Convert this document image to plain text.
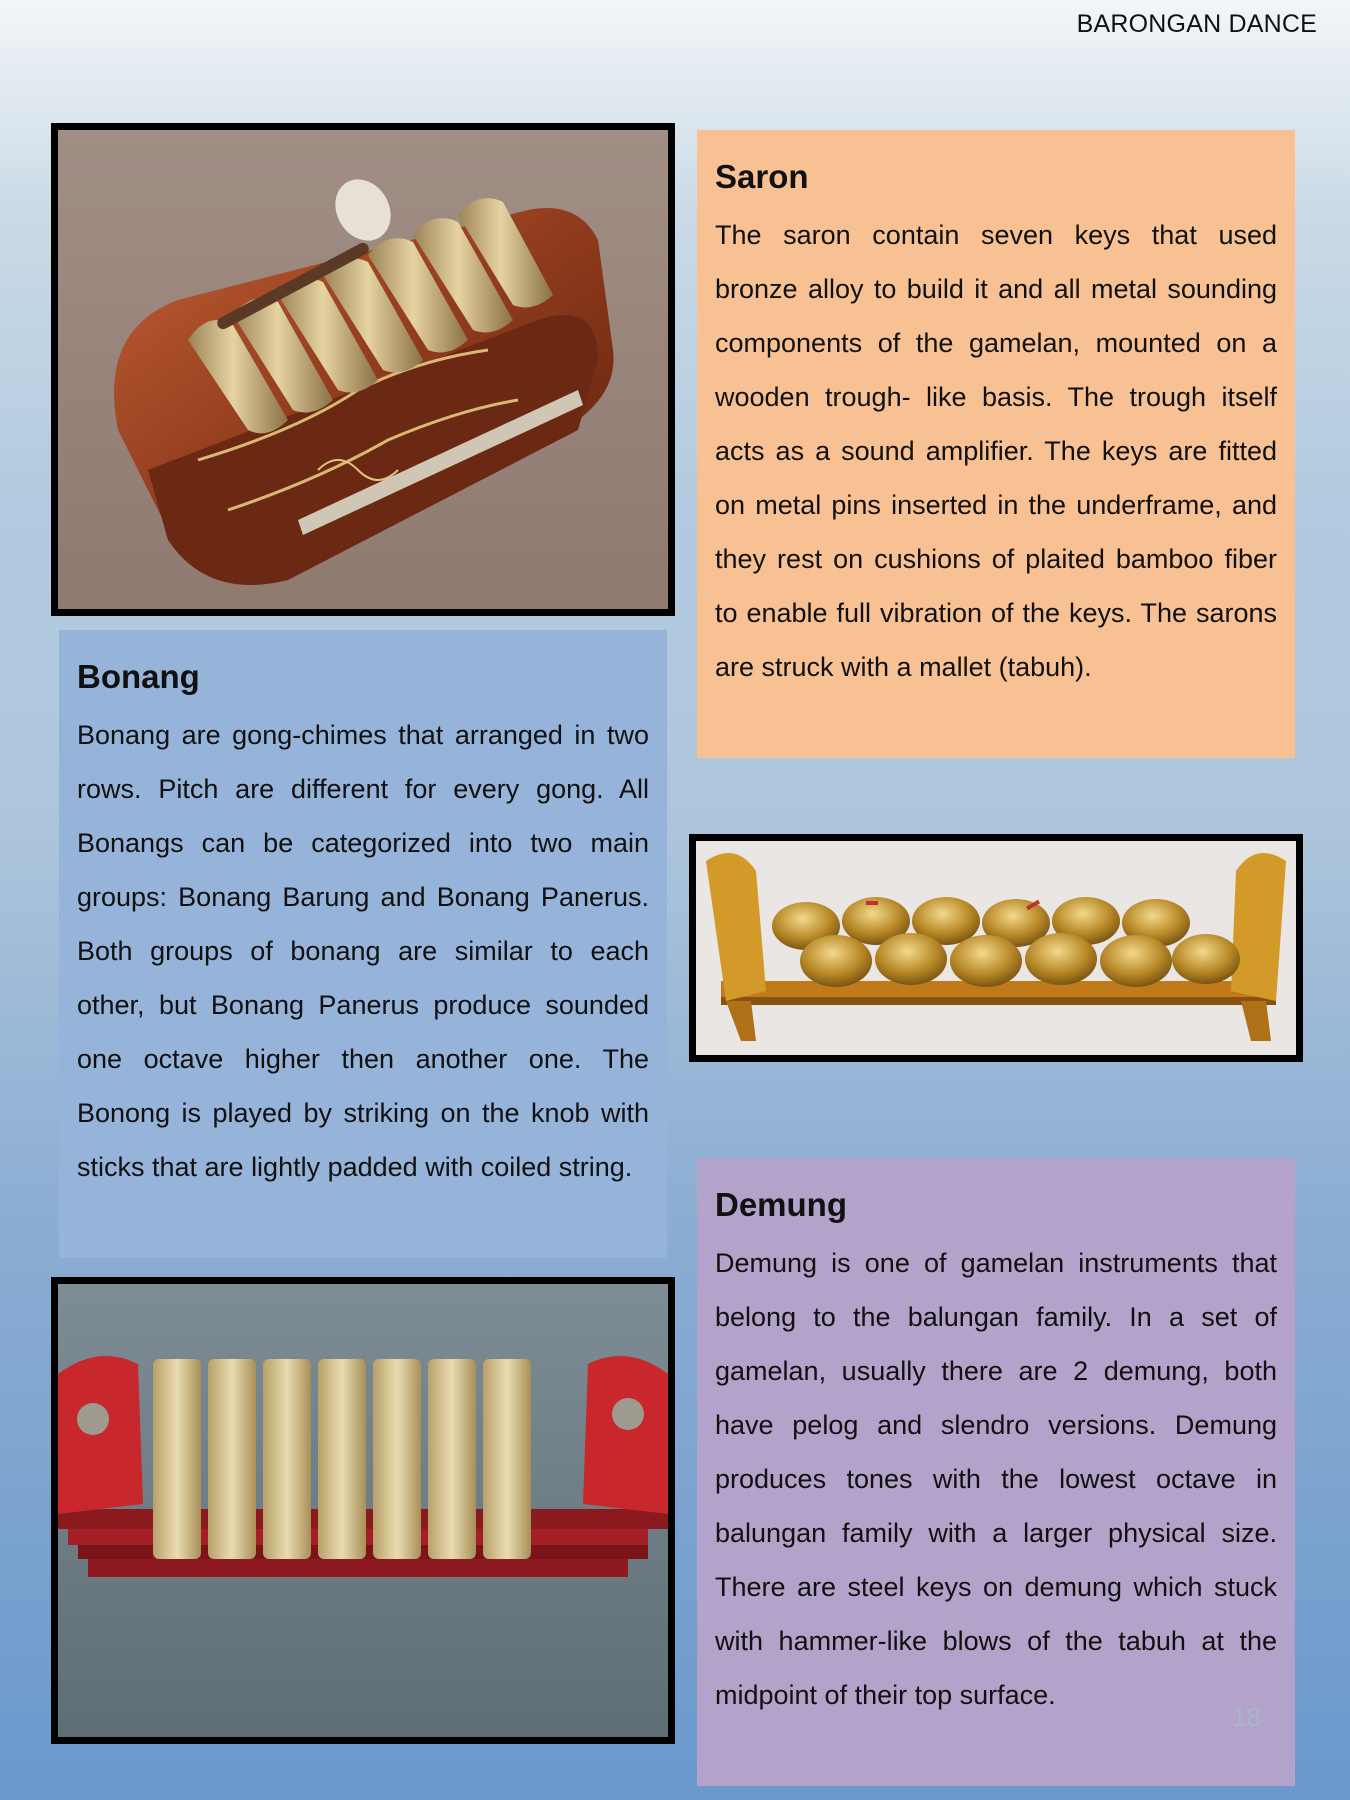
BARONGAN DANCE
Saron

The saron contain seven keys that used bronze alloy to build it and all metal sounding components of the gamelan, mounted on a wooden trough- like basis. The trough itself acts as a sound amplifier. The keys are fitted on metal pins inserted in the underframe, and they rest on cushions of plaited bamboo fiber to enable full vibration of the keys. The sarons are struck with a mallet (tabuh).

Bonang

Bonang are gong-chimes that arranged in two rows. Pitch are different for every gong. All Bonangs can be categorized into two main groups: Bonang Barung and Bonang Panerus. Both groups of bonang are similar to each other, but Bonang Panerus produce sounded one octave higher then another one. The Bonong is played by striking on the knob with sticks that are lightly padded with coiled string.

Demung

Demung is one of gamelan instruments that belong to the balungan family. In a set of gamelan, usually there are 2 demung, both have pelog and slendro versions. Demung produces tones with the lowest octave in balungan family with a larger physical size. There are steel keys on demung which stuck with hammer-like blows of the tabuh at the midpoint of their top surface.

18
